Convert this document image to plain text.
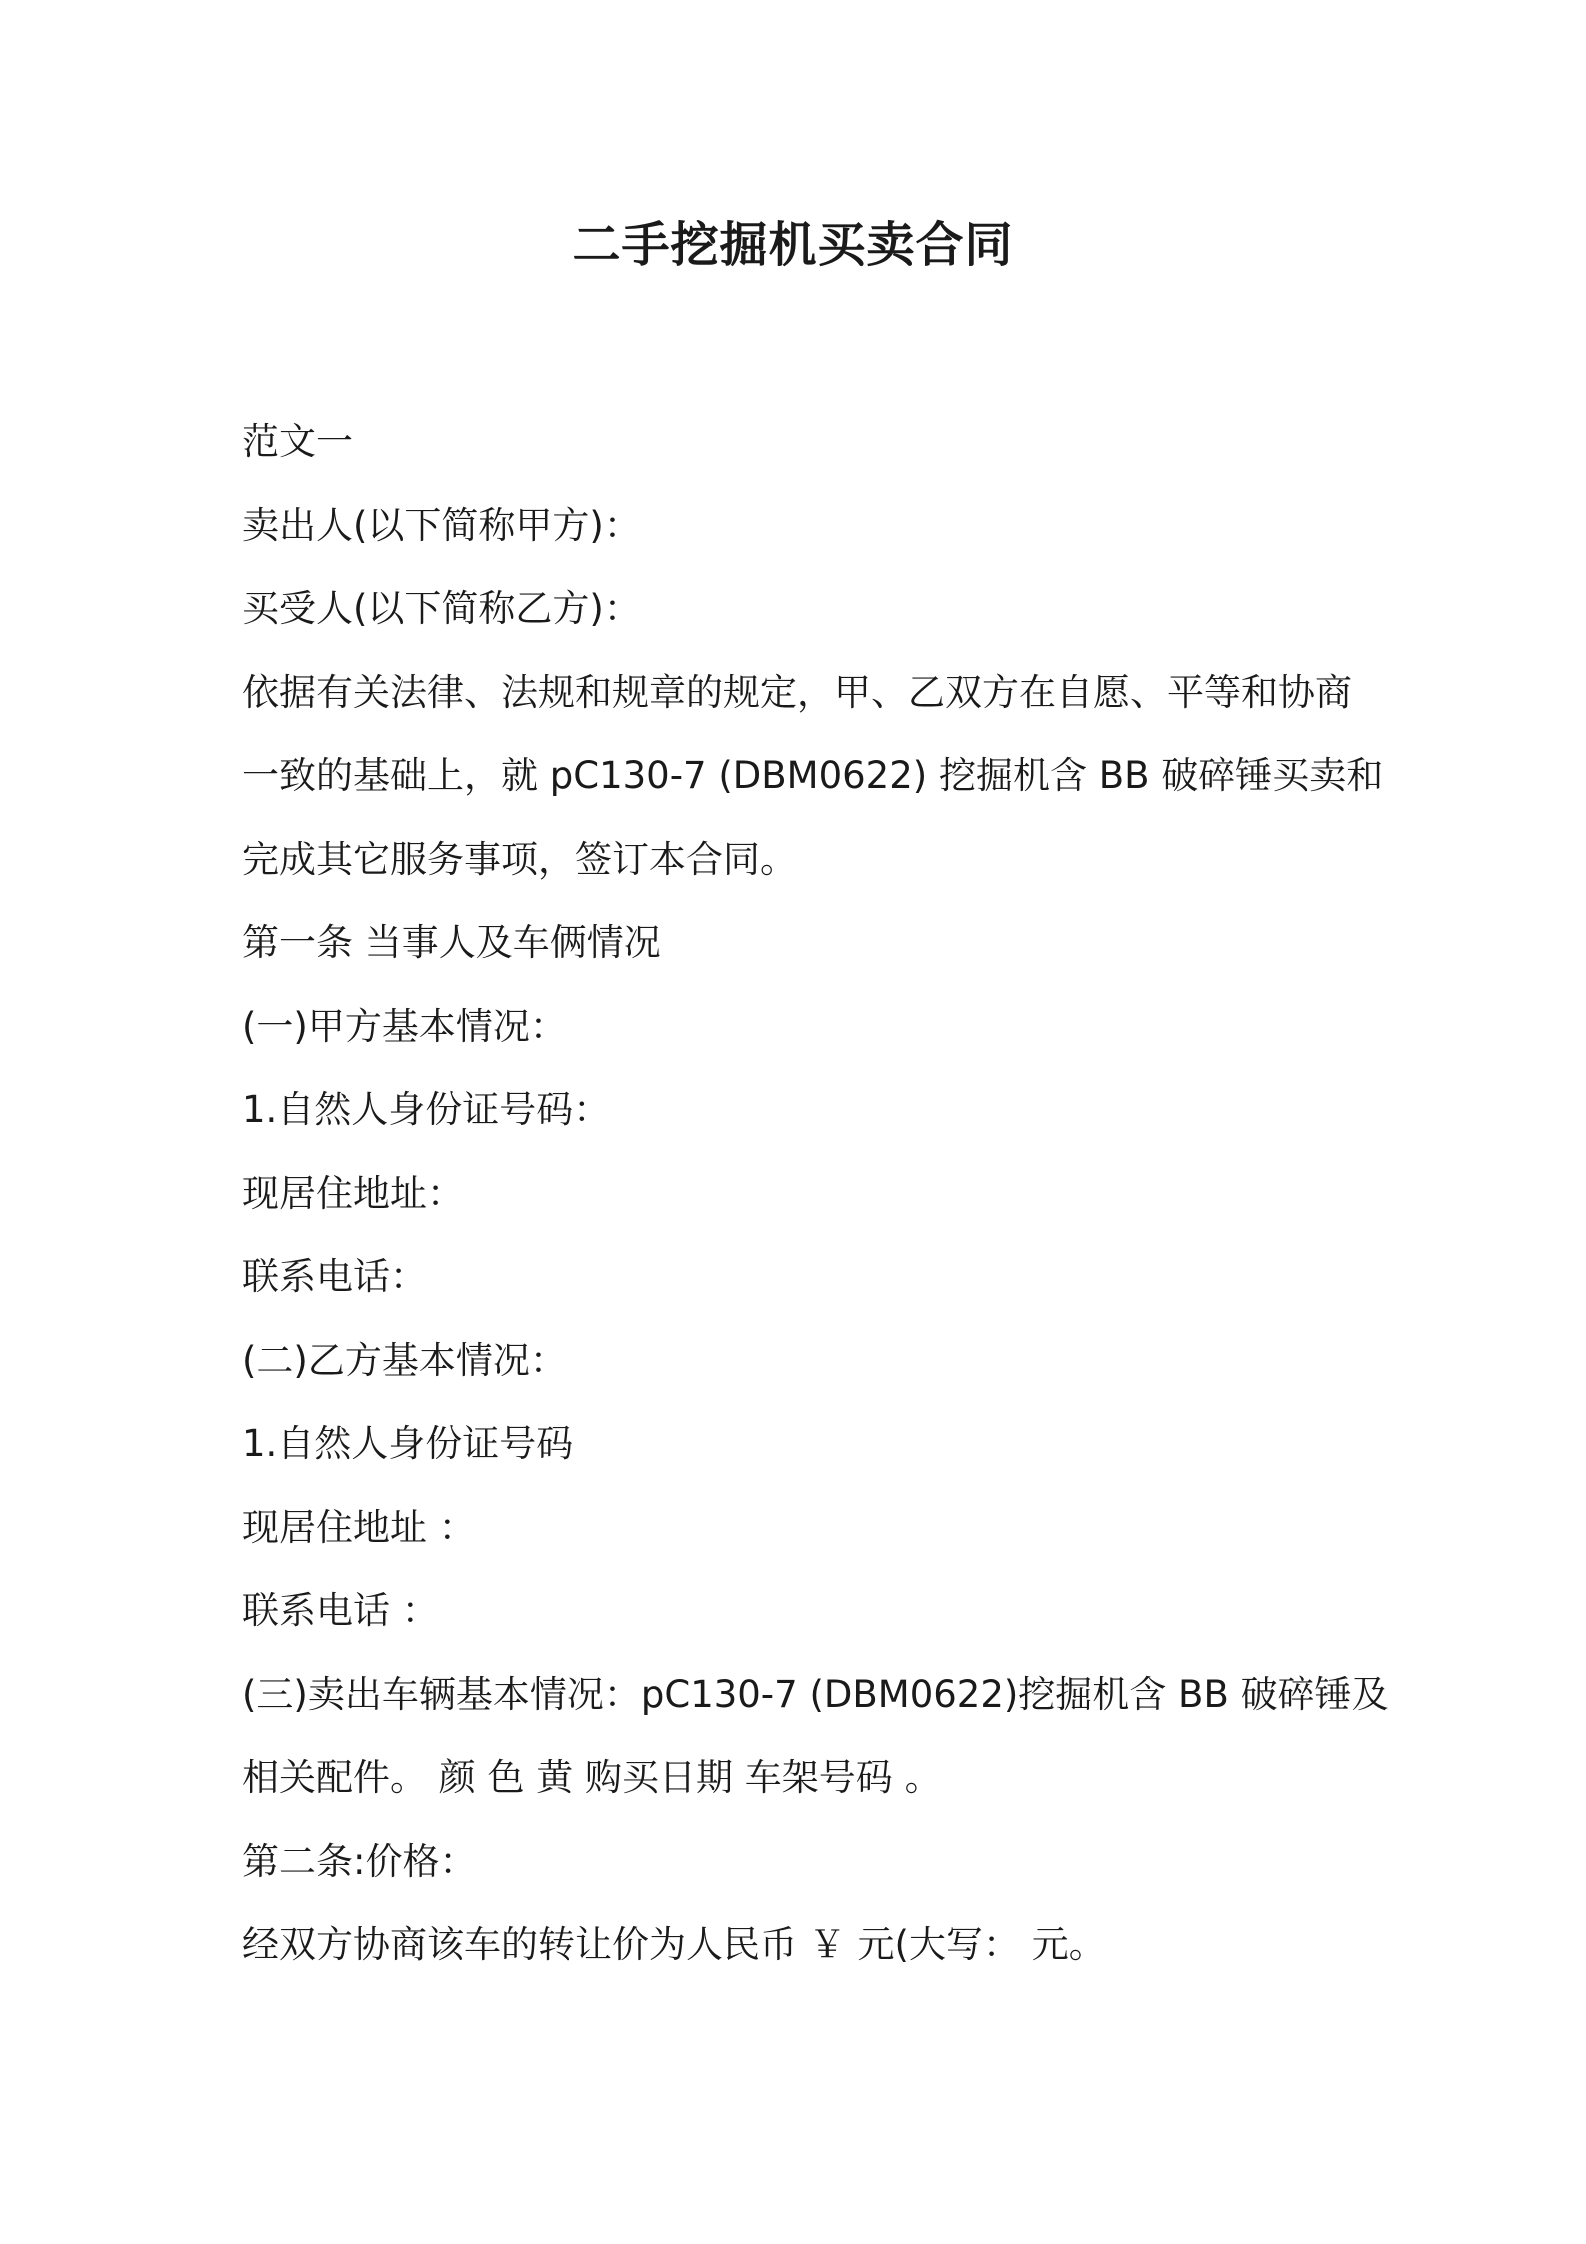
二手挖掘机买卖合同
范文一
卖出人(以下简称甲方)：
买受人(以下简称乙方)：
依据有关法律、法规和规章的规定，甲、乙双方在自愿、平等和协商
一致的基础上，就 pC130-7 (DBM0622) 挖掘机含 BB 破碎锤买卖和
完成其它服务事项，签订本合同。
第一条 当事人及车俩情况
(一)甲方基本情况：
1.自然人身份证号码：
现居住地址：
联系电话：
(二)乙方基本情况：
1.自然人身份证号码
现居住地址 ：
联系电话 ：
(三)卖出车辆基本情况：pC130-7 (DBM0622)挖掘机含 BB 破碎锤及
相关配件。 颜 色 黄 购买日期 车架号码 。
第二条:价格：
经双方协商该车的转让价为人民币 ￥ 元(大写： 元。
